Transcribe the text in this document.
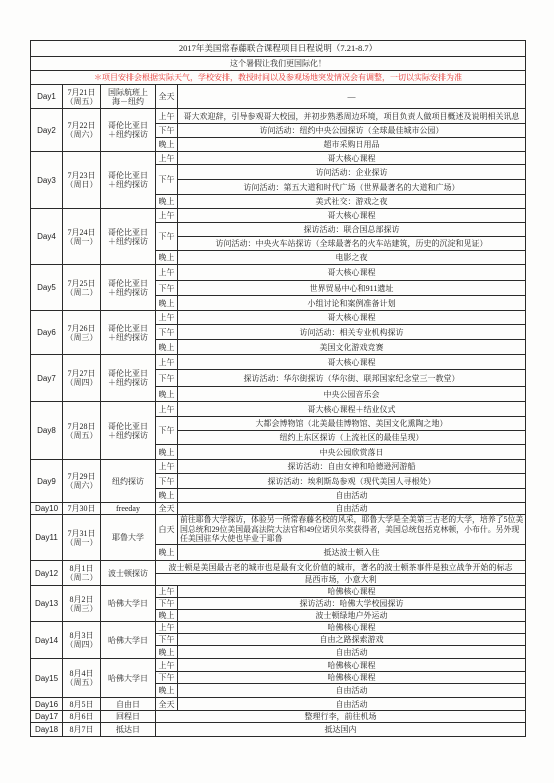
2017年美国常春藤联合课程项目日程说明（7.21-8.7）				
这个暑假让我们更国际化！				
＊项目安排会根据实际天气，学校安排，教授时间以及参观场地突发情况会有调整，一切以实际安排为准				
Day1	7月21日
（周五）	国际航班上海－纽约	全天	—
Day2	7月22日
（周六）	哥伦比亚日＋纽约探访	上午	哥大欢迎辞，引导参观哥大校园，并初步熟悉周边环境，项目负责人做项目概述及说明相关讯息
			下午	访问活动：纽约中央公园探访（全球最佳城市公园）
			晚上	超市采购日用品
Day3	7月23日
（周日）	哥伦比亚日＋纽约探访	上午	哥大核心课程
			下午	访问活动：企业探访
				访问活动：第五大道和时代广场（世界最著名的大道和广场）
			晚上	美式社交：游戏之夜
Day4	7月24日
（周一）	哥伦比亚日＋纽约探访	上午	哥大核心课程
			下午	探访活动：联合国总部探访
				访问活动：中央火车站探访（全球最著名的火车站建筑，历史的沉淀和见证）
			晚上	电影之夜
Day5	7月25日
（周二）	哥伦比亚日＋纽约探访	上午	哥大核心课程
			下午	世界贸易中心和911遗址
			晚上	小组讨论和案例准备计划
Day6	7月26日
（周三）	哥伦比亚日＋纽约探访	上午	哥大核心课程
			下午	访问活动：相关专业机构探访
			晚上	美国文化游戏竞赛
Day7	7月27日
（周四）	哥伦比亚日＋纽约探访	上午	哥大核心课程
			下午	探访活动：华尔街探访（华尔街、联邦国家纪念堂三一教堂）
			晚上	中央公园音乐会
Day8	7月28日
（周五）	哥伦比亚日＋纽约探访	上午	哥大核心课程＋结业仪式
			下午	大都会博物馆（北美最佳博物馆、美国文化熏陶之地）
				纽约上东区探访（上流社区的最佳呈现）
			晚上	中央公园欣赏落日
Day9	7月29日
（周六）	纽约探访	上午	探访活动：自由女神和哈德逊河游船
			下午	探访活动：埃利斯岛参观（现代美国人寻根处）
			晚上	自由活动
Day10	7月30日	freeday	全天	自由活动
Day11	7月31日
（周一）	耶鲁大学	白天	前往耶鲁大学探访，体验另一所常春藤名校的风采，耶鲁大学是全美第三古老的大学，培养了5位美国总统和29位美国最高法院大法官和49位诺贝尔奖获得者，美国总统包括克林顿，小布什。另外现任美国驻华大使也毕业于耶鲁
			晚上	抵达波士顿入住
Day12	8月1日
（周二）	波士顿探访	波士顿是美国最古老的城市也是最有文化价值的城市，著名的波士顿茶事件是独立战争开始的标志	
			昆西市场，小意大利	
Day13	8月2日
（周三）	哈佛大学日	上午	哈佛核心课程
			下午	探访活动：哈佛大学校园探访
			晚上	波士顿绿地户外运动
Day14	8月3日
（周四）	哈佛大学日	上午	哈佛核心课程
			下午	自由之路探索游戏
			晚上	自由活动
Day15	8月4日
（周五）	哈佛大学日	上午	哈佛核心课程
			下午	哈佛核心课程
			晚上	自由活动
Day16	8月5日	自由日	全天	自由活动
Day17	8月6日	回程日	整理行李，前往机场	
Day18	8月7日	抵达日	抵达国内	
